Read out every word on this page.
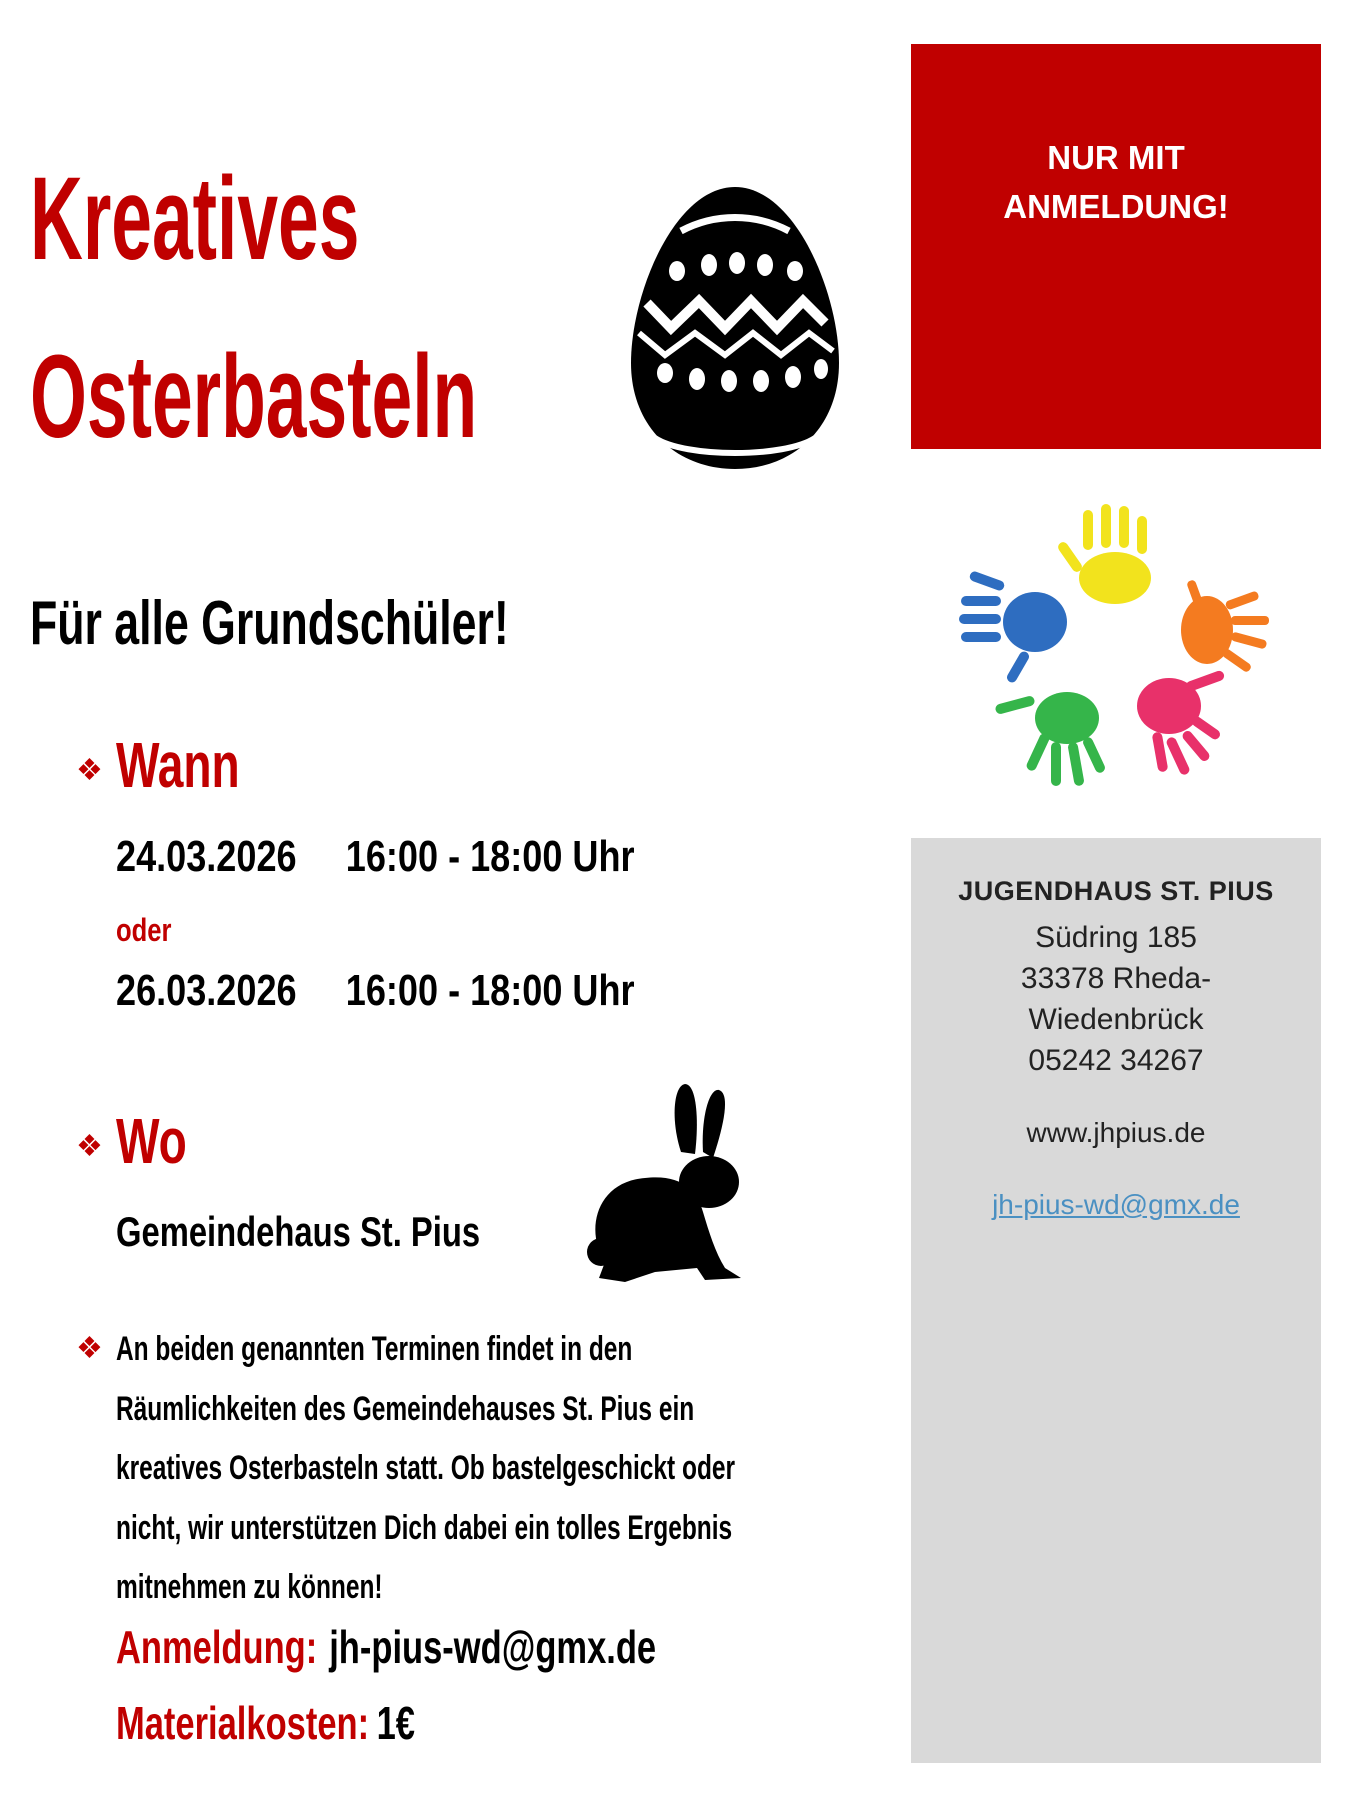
Kreatives
Osterbasteln
NUR MIT ANMELDUNG!
Für alle Grundschüler!
❖ Wann
24.03.2026 16:00 - 18:00 Uhr
oder
26.03.2026 16:00 - 18:00 Uhr
❖ Wo
Gemeindehaus St. Pius
❖ An beiden genannten Terminen findet in den Räumlichkeiten des Gemeindehauses St. Pius ein kreatives Osterbasteln statt. Ob bastelgeschickt oder nicht, wir unterstützen Dich dabei ein tolles Ergebnis mitnehmen zu können!
Anmeldung: jh-pius-wd@gmx.de
Materialkosten: 1€
JUGENDHAUS ST. PIUS
Südring 185
33378 Rheda-Wiedenbrück
05242 34267
www.jhpius.de
jh-pius-wd@gmx.de
